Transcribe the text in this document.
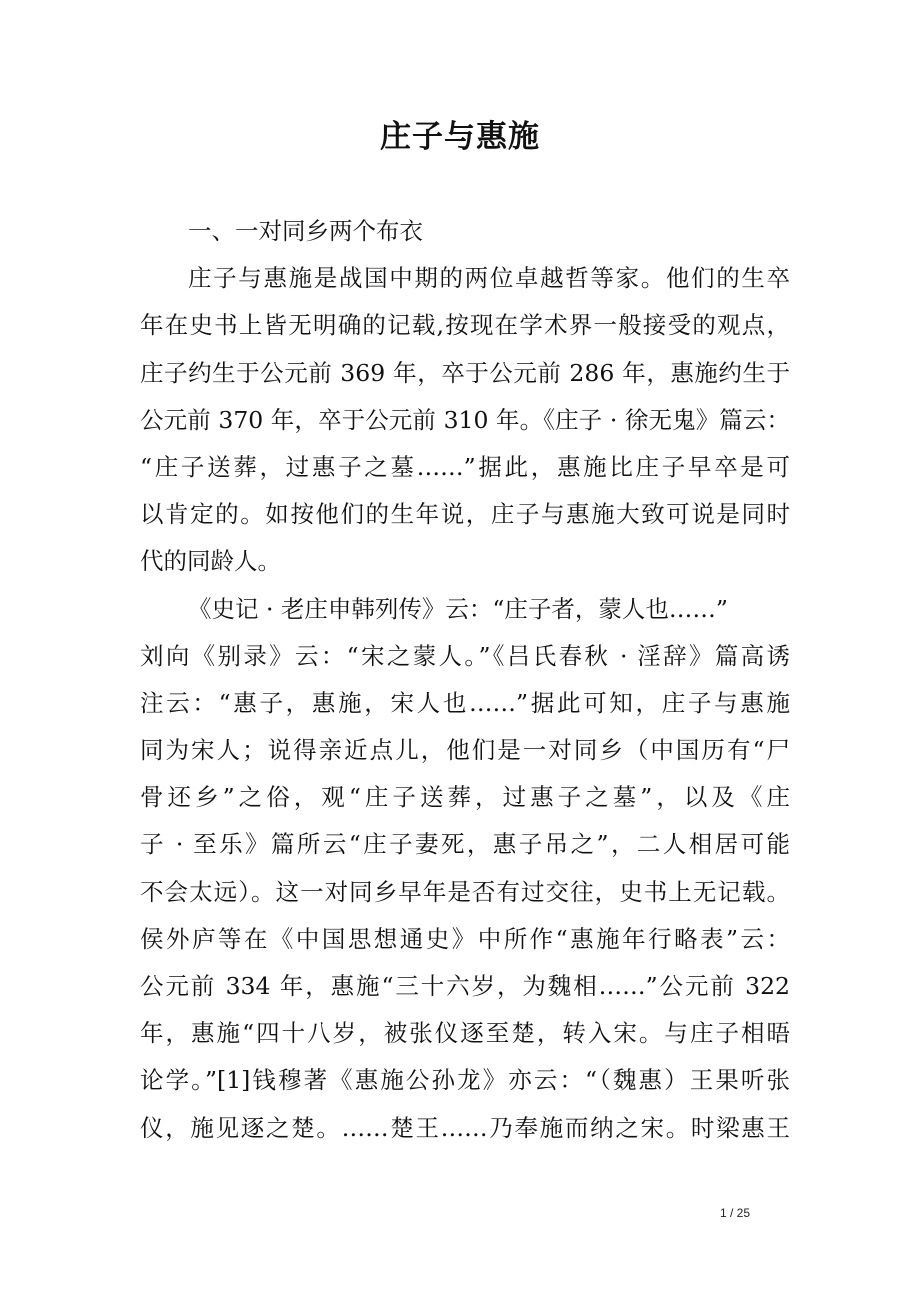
庄子与惠施
一、一对同乡两个布衣
庄子与惠施是战国中期的两位卓越哲等家。他们的生卒
年在史书上皆无明确的记载,按现在学术界一般接受的观点，
庄子约生于公元前 369 年，卒于公元前 286 年，惠施约生于
公元前 370 年，卒于公元前 310 年。《庄子 · 徐无鬼》篇云：
“庄子送葬，过惠子之墓……”据此，惠施比庄子早卒是可
以肯定的。如按他们的生年说，庄子与惠施大致可说是同时
代的同龄人。
《史记 · 老庄申韩列传》云：“庄子者，蒙人也……”
刘向《别录》云：“宋之蒙人。”《吕氏春秋 · 淫辞》篇高诱
注云：“惠子，惠施，宋人也……”据此可知，庄子与惠施
同为宋人；说得亲近点儿，他们是一对同乡（中国历有“尸
骨还乡”之俗，观“庄子送葬，过惠子之墓”，以及《庄
子 · 至乐》篇所云“庄子妻死，惠子吊之”，二人相居可能
不会太远）。这一对同乡早年是否有过交往，史书上无记载。
侯外庐等在《中国思想通史》中所作“惠施年行略表”云：
公元前 334 年，惠施“三十六岁，为魏相……”公元前 322
年，惠施“四十八岁，被张仪逐至楚，转入宋。与庄子相晤
论学。”[1]钱穆著《惠施公孙龙》亦云：“（魏惠）王果听张
仪，施见逐之楚。……楚王……乃奉施而纳之宋。时梁惠王
1 / 25
